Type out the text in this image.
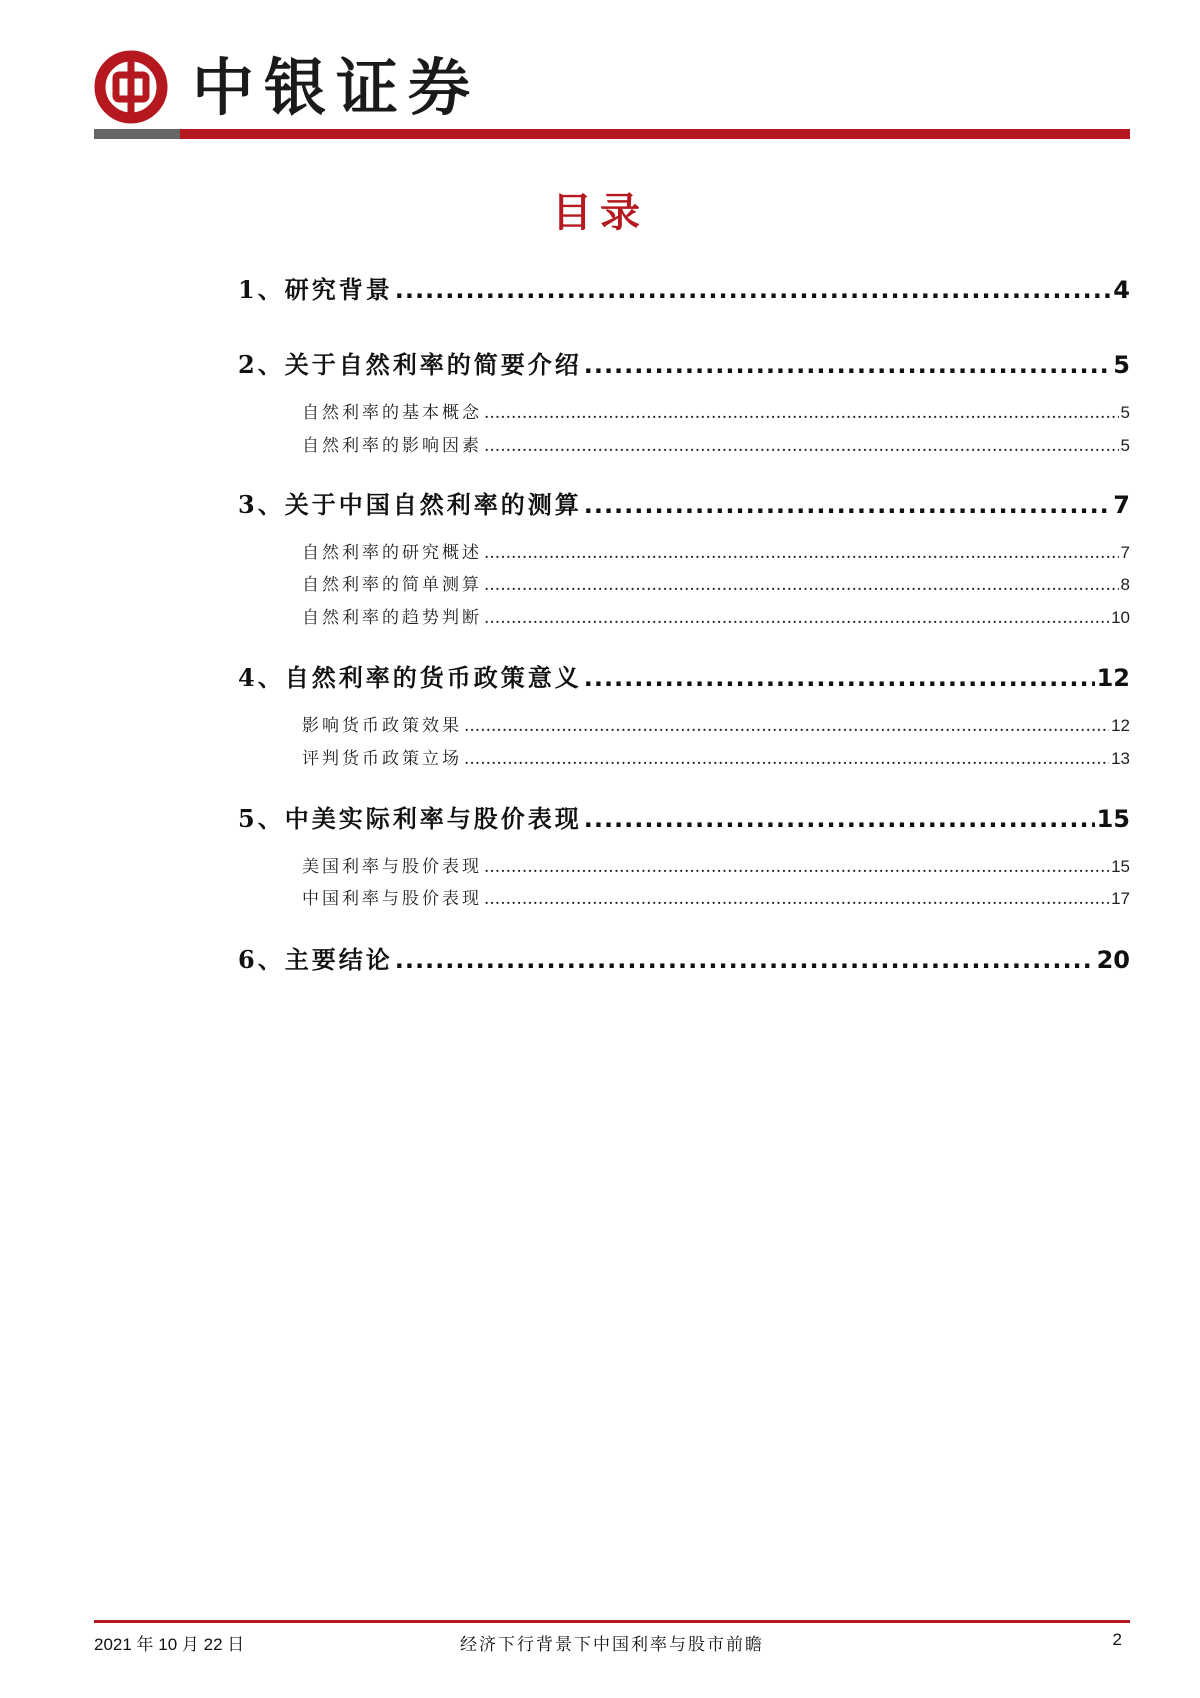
中银证券
目录
1、研究背景 .....	4
2、关于自然利率的简要介绍 .....	5
自然利率的基本概念 .....	5
自然利率的影响因素 .....	5
3、关于中国自然利率的测算 .....	7
自然利率的研究概述 .....	7
自然利率的简单测算 .....	8
自然利率的趋势判断 .....	10
4、自然利率的货币政策意义 .....	12
影响货币政策效果 .....	12
评判货币政策立场 .....	13
5、中美实际利率与股价表现 .....	15
美国利率与股价表现 .....	15
中国利率与股价表现 .....	17
6、主要结论 .....	20
2021 年 10 月 22 日	经济下行背景下中国利率与股市前瞻	2
